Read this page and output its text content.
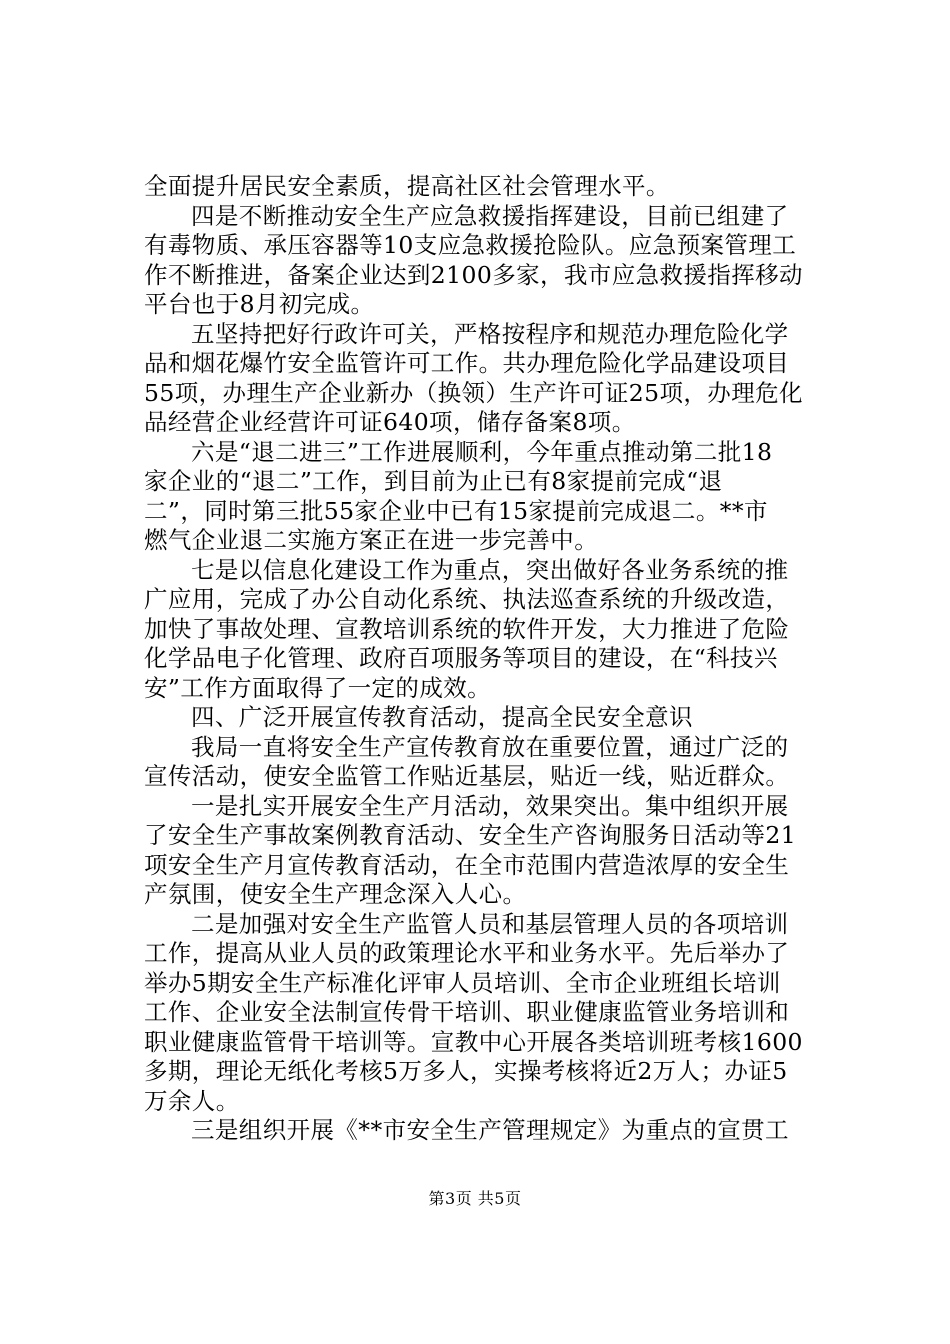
全面提升居民安全素质，提高社区社会管理水平。
四是不断推动安全生产应急救援指挥建设，目前已组建了
有毒物质、承压容器等10支应急救援抢险队。应急预案管理工
作不断推进，备案企业达到2100多家，我市应急救援指挥移动
平台也于8月初完成。
五坚持把好行政许可关，严格按程序和规范办理危险化学
品和烟花爆竹安全监管许可工作。共办理危险化学品建设项目
55项，办理生产企业新办（换领）生产许可证25项，办理危化
品经营企业经营许可证640项，储存备案8项。
六是“退二进三”工作进展顺利，今年重点推动第二批18
家企业的“退二”工作，到目前为止已有8家提前完成“退
二”，同时第三批55家企业中已有15家提前完成退二。**市
燃气企业退二实施方案正在进一步完善中。
七是以信息化建设工作为重点，突出做好各业务系统的推
广应用，完成了办公自动化系统、执法巡查系统的升级改造，
加快了事故处理、宣教培训系统的软件开发，大力推进了危险
化学品电子化管理、政府百项服务等项目的建设，在“科技兴
安”工作方面取得了一定的成效。
四、广泛开展宣传教育活动，提高全民安全意识
我局一直将安全生产宣传教育放在重要位置，通过广泛的
宣传活动，使安全监管工作贴近基层，贴近一线，贴近群众。
一是扎实开展安全生产月活动，效果突出。集中组织开展
了安全生产事故案例教育活动、安全生产咨询服务日活动等21
项安全生产月宣传教育活动，在全市范围内营造浓厚的安全生
产氛围，使安全生产理念深入人心。
二是加强对安全生产监管人员和基层管理人员的各项培训
工作，提高从业人员的政策理论水平和业务水平。先后举办了
举办5期安全生产标准化评审人员培训、全市企业班组长培训
工作、企业安全法制宣传骨干培训、职业健康监管业务培训和
职业健康监管骨干培训等。宣教中心开展各类培训班考核1600
多期，理论无纸化考核5万多人，实操考核将近2万人；办证5
万余人。
三是组织开展《**市安全生产管理规定》为重点的宣贯工
第3页 共5页
